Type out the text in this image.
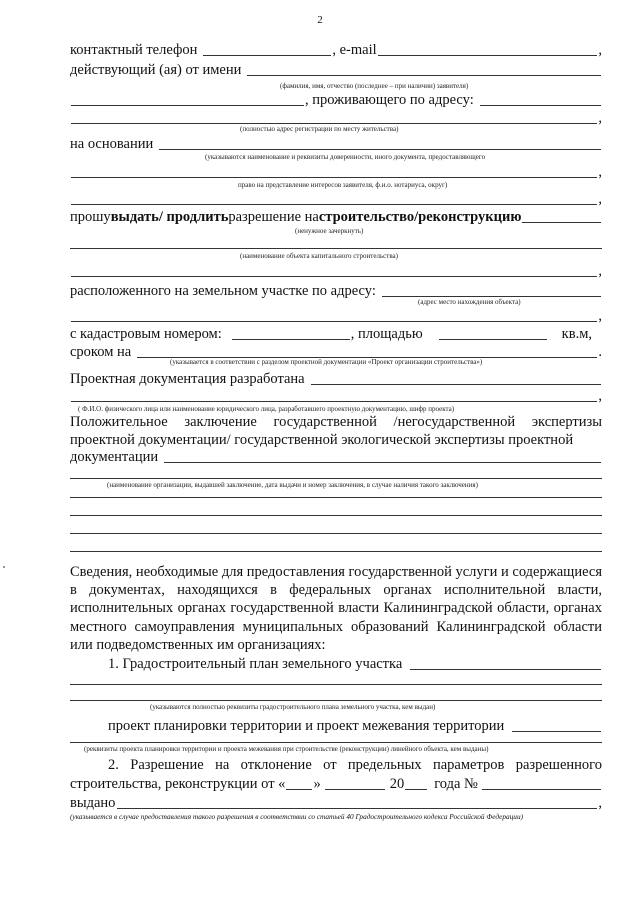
2
контактный телефон	, e-mail	,
действующий (ая) от имени
(фамилия, имя, отчество (последнее – при наличии) заявителя)
, проживающего по адресу:
,
(полностью адрес регистрации по месту жительства)
на основании
(указываются наименование и реквизиты доверенности, иного документа, предоставляющего
,
право на представление интересов заявителя, ф.и.о. нотариуса, округ)
,
прошу выдать/ продлить разрешение на строительство/реконструкцию
(ненужное зачеркнуть)
(наименование объекта капитального строительства)
,
расположенного на земельном участке по адресу:
(адрес место нахождения объекта)
,
с кадастровым номером:	, площадью	кв.м,
сроком на	.
(указывается в соответствии с разделом проектной документации «Проект организации строительства»)
Проектная документация разработана
,
( Ф.И.О. физического лица или наименование юридического лица, разработавшего проектную документацию, шифр проекта)
Положительное заключение государственной /негосударственной экспертизы проектной документации/ государственной экологической экспертизы проектной
документации
(наименование организации, выдавшей заключение, дата выдачи и номер заключения, в случае наличия такого заключения)
Сведения, необходимые для предоставления государственной услуги и содержащиеся в документах, находящихся в федеральных органах исполнительной власти, исполнительных органах государственной власти Калининградской области, органах местного самоуправления муниципальных образований Калининградской области или подведомственных им организациях:
1. Градостроительный план земельного участка
(указываются полностью реквизиты градостроительного плана земельного участка, кем выдан)
проект планировки территории и проект межевания территории
(реквизиты проекта планировки территории и проекта межевания при строительстве (реконструкции) линейного объекта, кем выданы)
2. Разрешение на отклонение от предельных параметров разрешенного
строительства, реконструкции от « »	20 года №
выдано	,
(указывается в случае предоставления такого разрешения в соответствии со статьей 40 Градостроительного кодекса Российской Федерации)
